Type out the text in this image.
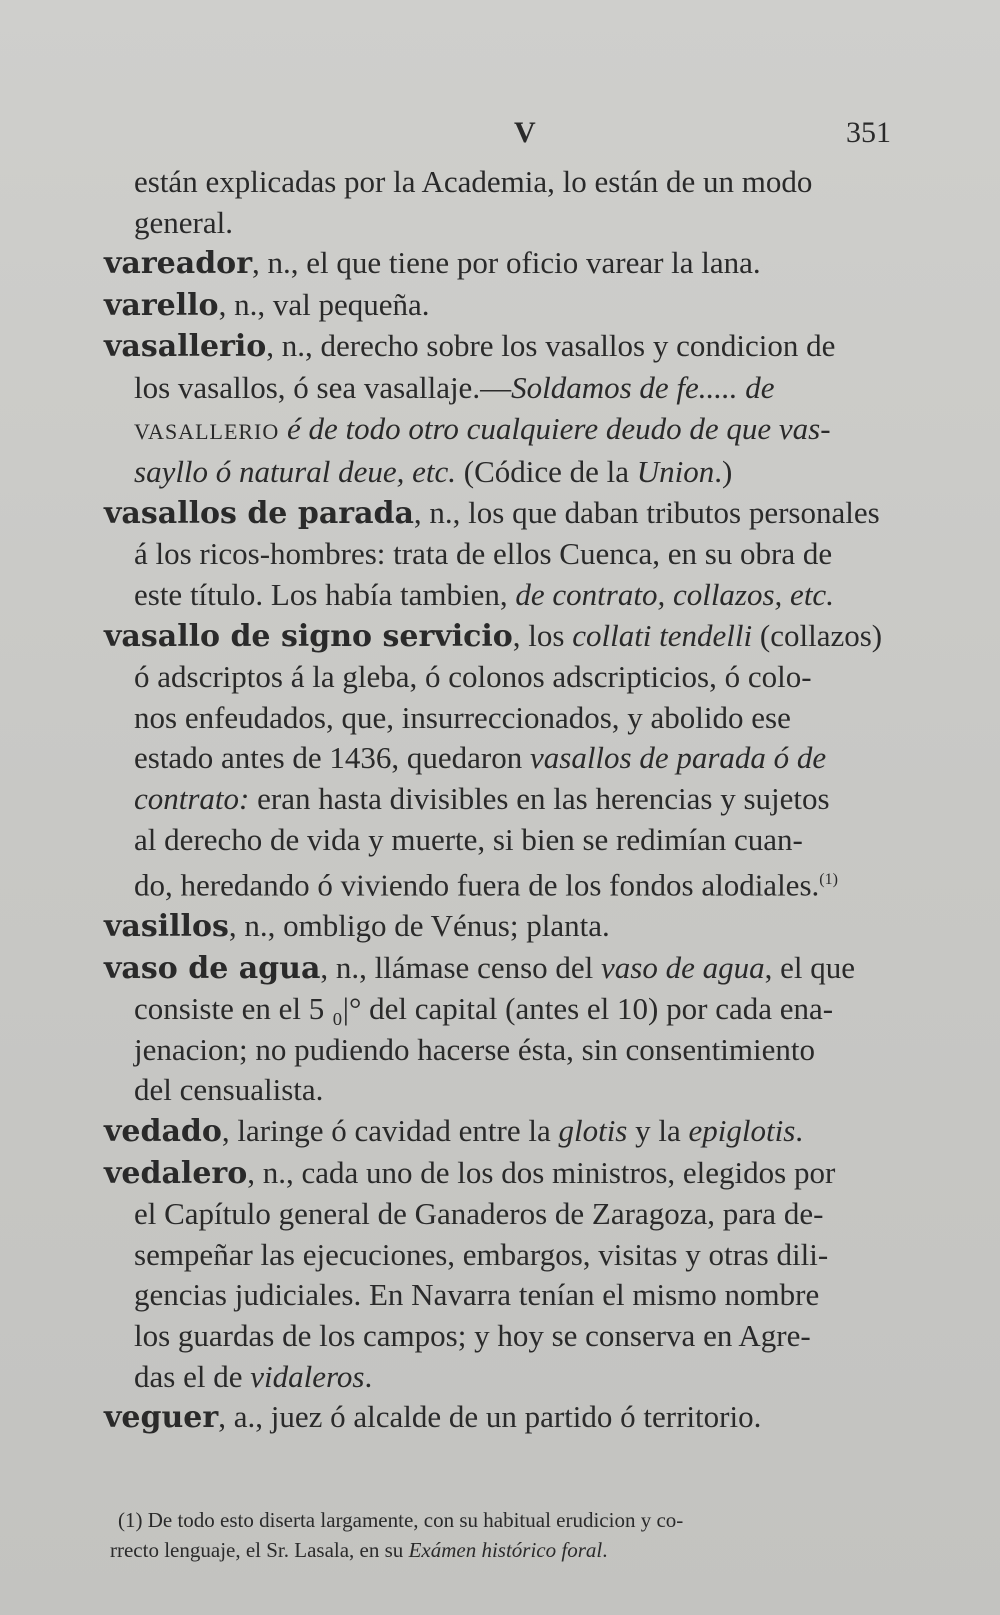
V	351
están explicadas por la Academia, lo están de un modo
general.
vareador, n., el que tiene por oficio varear la lana.
varello, n., val pequeña.
vasallerio, n., derecho sobre los vasallos y condicion de
los vasallos, ó sea vasallaje.—Soldamos de fe..... de
VASALLERIO é de todo otro cualquiere deudo de que vas-
sayllo ó natural deue, etc. (Códice de la Union.)
vasallos de parada, n., los que daban tributos personales
á los ricos-hombres: trata de ellos Cuenca, en su obra de
este título. Los había tambien, de contrato, collazos, etc.
vasallo de signo servicio, los collati tendelli (collazos)
ó adscriptos á la gleba, ó colonos adscripticios, ó colo-
nos enfeudados, que, insurreccionados, y abolido ese
estado antes de 1436, quedaron vasallos de parada ó de
contrato: eran hasta divisibles en las herencias y sujetos
al derecho de vida y muerte, si bien se redimían cuan-
do, heredando ó viviendo fuera de los fondos alodiales.$^{(1)}$
vasillos, n., ombligo de Vénus; planta.
vaso de agua, n., llámase censo del vaso de agua, el que
consiste en el 5 ₀|° del capital (antes el 10) por cada ena-
jenacion; no pudiendo hacerse ésta, sin consentimiento
del censualista.
vedado, laringe ó cavidad entre la glotis y la epiglotis.
vedalero, n., cada uno de los dos ministros, elegidos por
el Capítulo general de Ganaderos de Zaragoza, para de-
sempeñar las ejecuciones, embargos, visitas y otras dili-
gencias judiciales. En Navarra tenían el mismo nombre
los guardas de los campos; y hoy se conserva en Agre-
das el de vidaleros.
veguer, a., juez ó alcalde de un partido ó territorio.
(1) De todo esto diserta largamente, con su habitual erudicion y co-
rrecto lenguaje, el Sr. Lasala, en su Exámen histórico foral.
